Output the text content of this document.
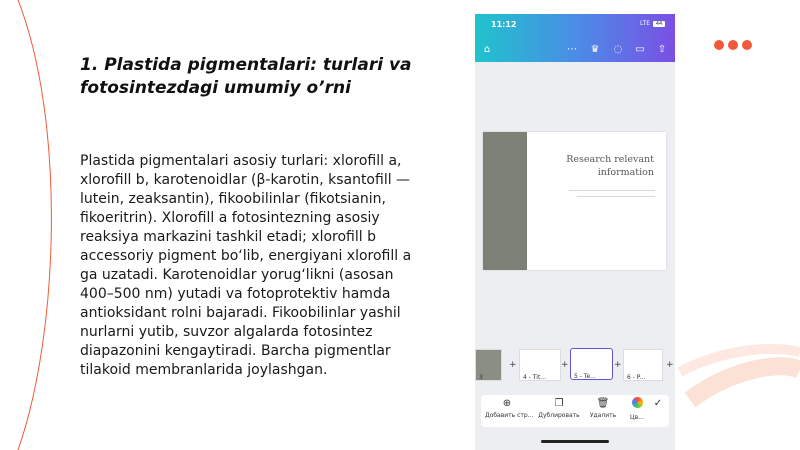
1. Plastida pigmentalari: turlari va fotosintezdagi umumiy o’rni
Plastida pigmentalari asosiy turlari: xlorofill a, xlorofill b, karotenoidlar (β-karotin, ksantofill — lutein, zeaksantin), fikoobilinlar (fikotsianin, fikoeritrin). Xlorofill a fotosintezning asosiy reaksiya markazini tashkil etadi; xlorofill b accessoriy pigment bo‘lib, energiyani xlorofill a ga uzatadi. Karotenoidlar yorug‘likni (asosan 400–500 nm) yutadi va fotoprotektiv hamda antioksidant rolni bajaradi. Fikoobilinlar yashil nurlarni yutib, suvzor algalarda fotosintez diapazonini kengaytiradi. Barcha pigmentlar tilakoid membranlarida joylashgan.
11:12	LTE	44
⌂	⋯ ♛ ◌ ▭ ⇧
Research relevant information
3
+
4 - Tit...
+
5 - Te...
+
6 - P...
+
⊕
Добавить стр...
❐
Дублировать
🗑
Удалить	Цв...
✓
